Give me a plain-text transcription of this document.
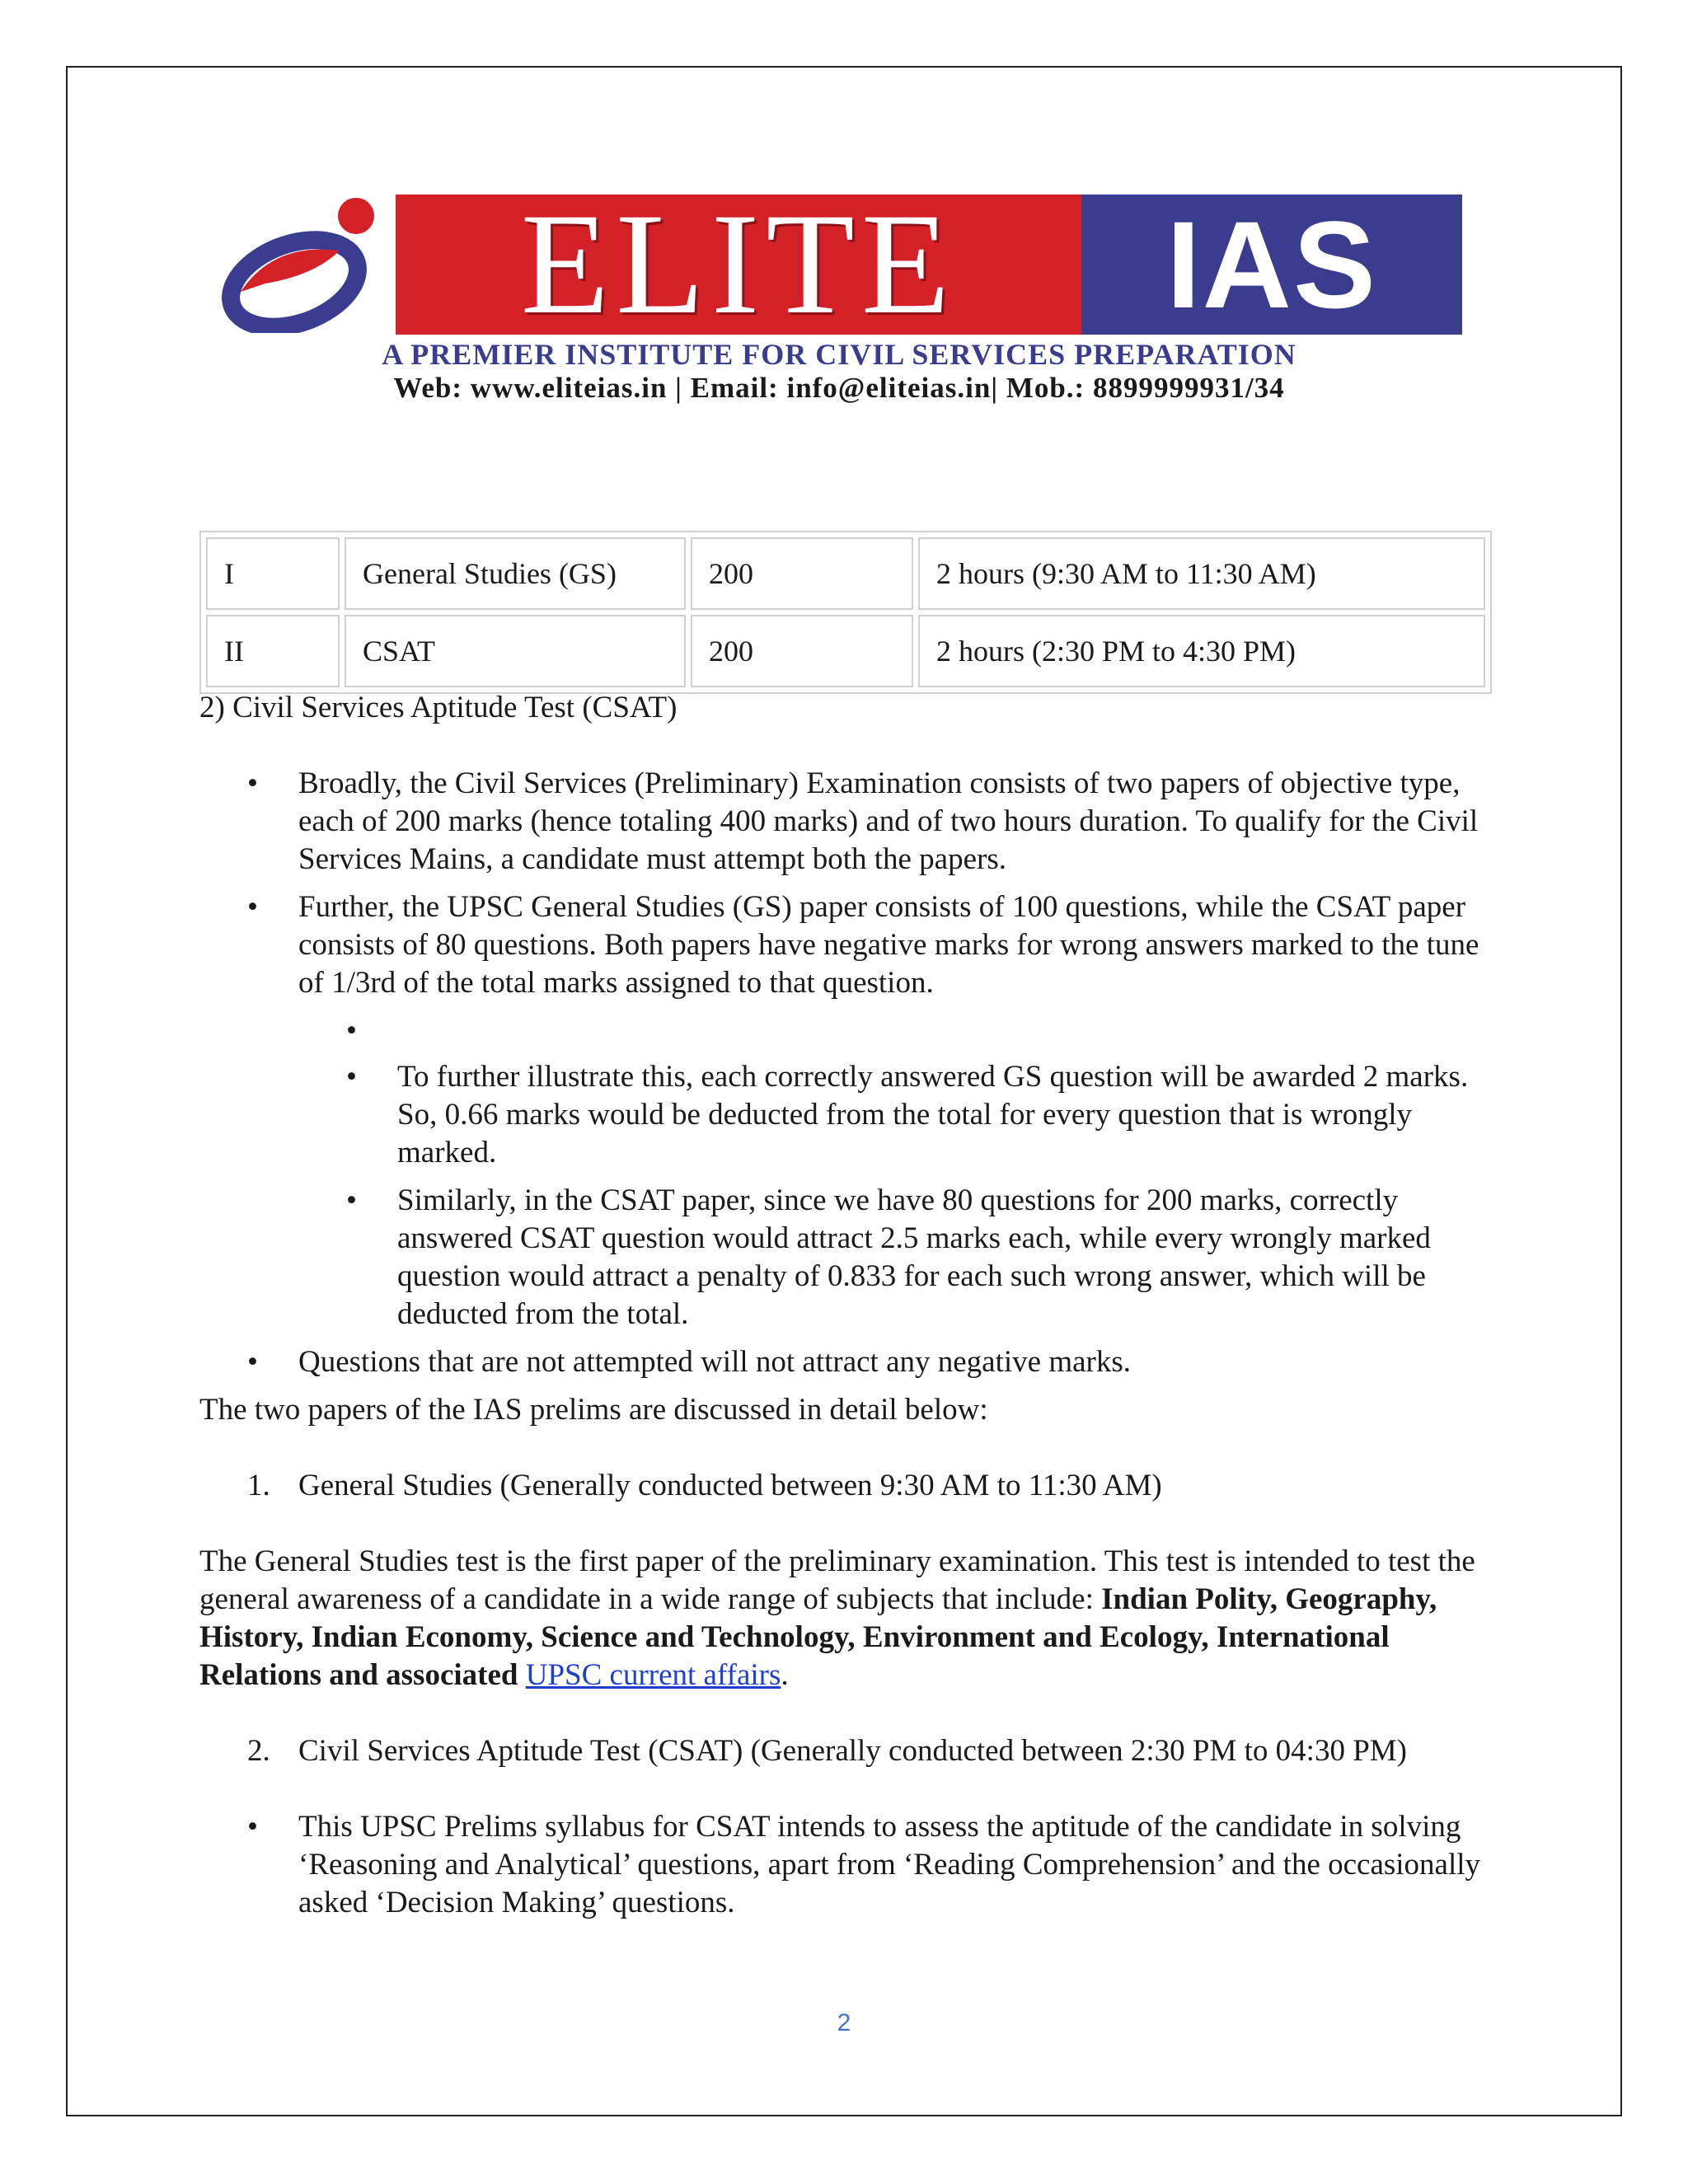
ELITE	IAS
A PREMIER INSTITUTE FOR CIVIL SERVICES PREPARATION
Web: www.eliteias.in | Email: info@eliteias.in| Mob.: 8899999931/34
I	General Studies (GS)	200	2 hours (9:30 AM to 11:30 AM)
II	CSAT	200	2 hours (2:30 PM to 4:30 PM)

2) Civil Services Aptitude Test (CSAT)

• Broadly, the Civil Services (Preliminary) Examination consists of two papers of objective type, each of 200 marks (hence totaling 400 marks) and of two hours duration. To qualify for the Civil Services Mains, a candidate must attempt both the papers.
• Further, the UPSC General Studies (GS) paper consists of 100 questions, while the CSAT paper consists of 80 questions. Both papers have negative marks for wrong answers marked to the tune of 1/3rd of the total marks assigned to that question.
•
• To further illustrate this, each correctly answered GS question will be awarded 2 marks. So, 0.66 marks would be deducted from the total for every question that is wrongly marked.
• Similarly, in the CSAT paper, since we have 80 questions for 200 marks, correctly answered CSAT question would attract 2.5 marks each, while every wrongly marked question would attract a penalty of 0.833 for each such wrong answer, which will be deducted from the total.
• Questions that are not attempted will not attract any negative marks.

The two papers of the IAS prelims are discussed in detail below:

1. General Studies (Generally conducted between 9:30 AM to 11:30 AM)

The General Studies test is the first paper of the preliminary examination. This test is intended to test the general awareness of a candidate in a wide range of subjects that include: Indian Polity, Geography, History, Indian Economy, Science and Technology, Environment and Ecology, International Relations and associated UPSC current affairs.

2. Civil Services Aptitude Test (CSAT) (Generally conducted between 2:30 PM to 04:30 PM)
• This UPSC Prelims syllabus for CSAT intends to assess the aptitude of the candidate in solving ‘Reasoning and Analytical’ questions, apart from ‘Reading Comprehension’ and the occasionally asked ‘Decision Making’ questions.
2
